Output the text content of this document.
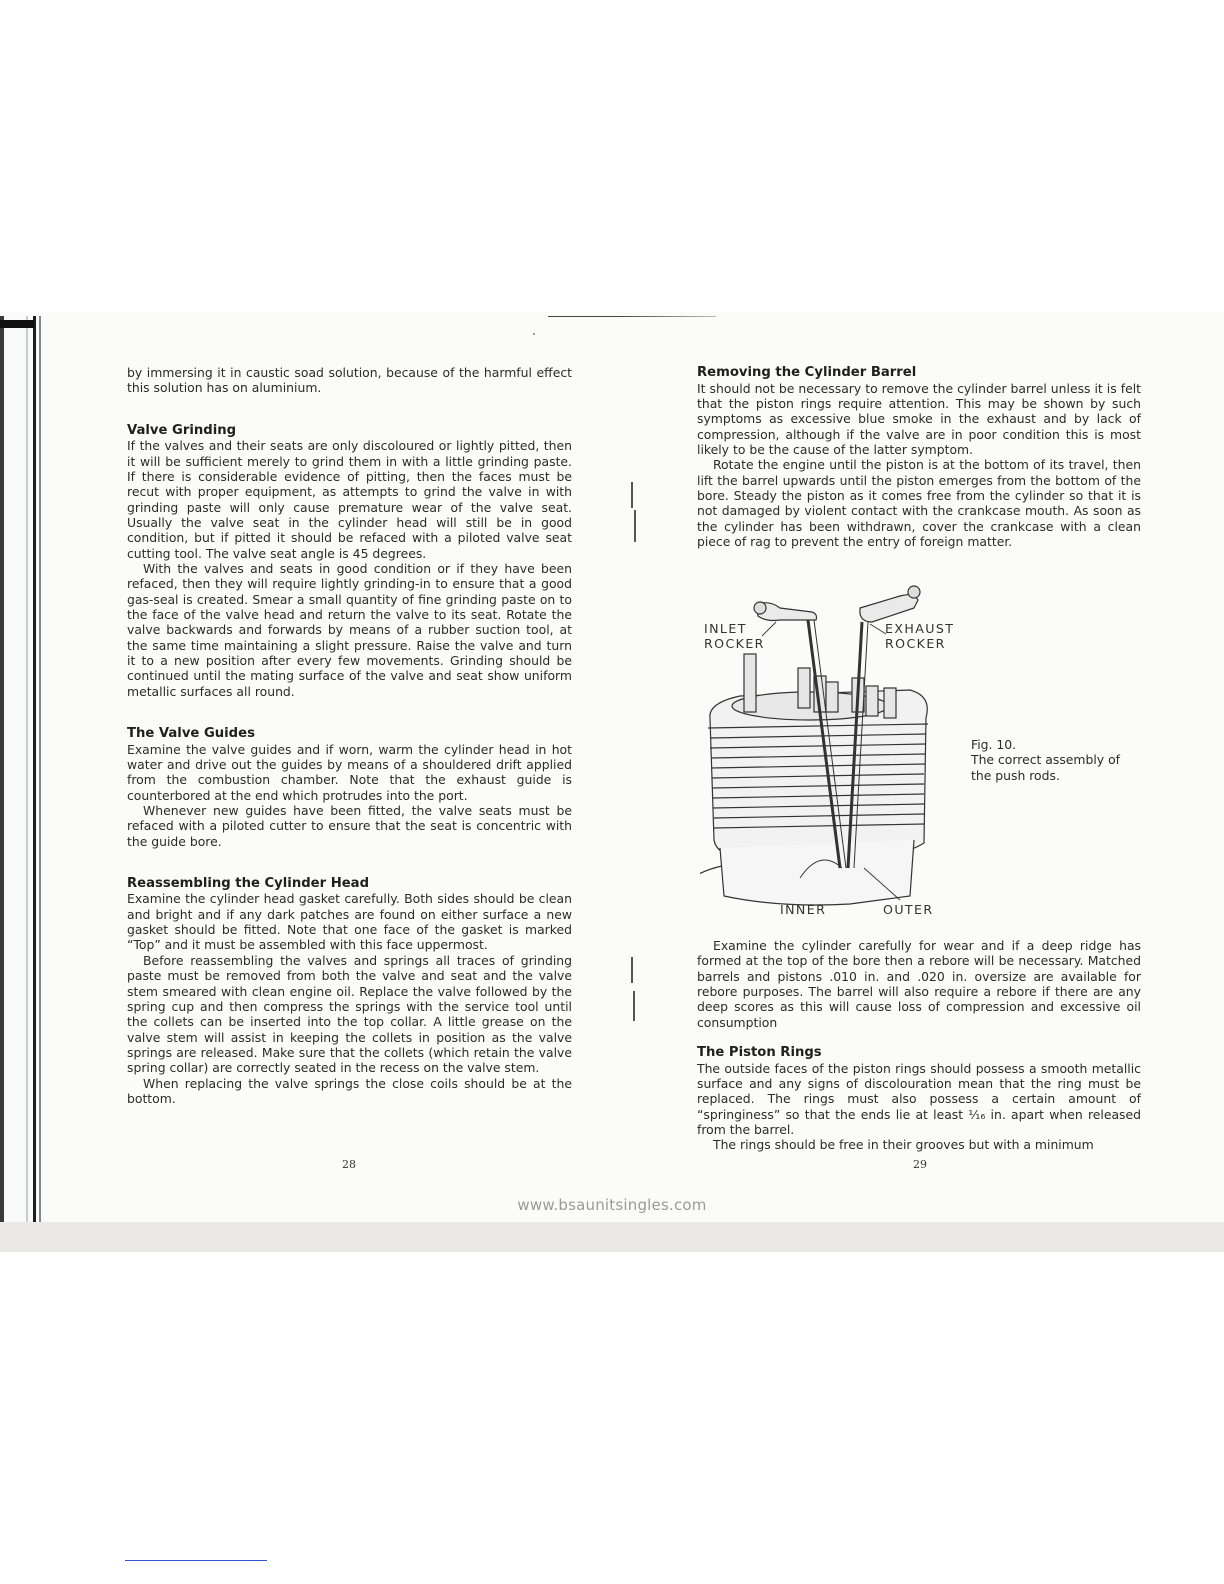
by immersing it in caustic soad solution, because of the harmful effect this solution has on aluminium.

Valve Grinding

If the valves and their seats are only discoloured or lightly pitted, then it will be sufficient merely to grind them in with a little grinding paste. If there is considerable evidence of pitting, then the faces must be recut with proper equipment, as attempts to grind the valve in with grinding paste will only cause premature wear of the valve seat. Usually the valve seat in the cylinder head will still be in good condition, but if pitted it should be refaced with a piloted valve seat cutting tool. The valve seat angle is 45 degrees.

With the valves and seats in good condition or if they have been refaced, then they will require lightly grinding-in to ensure that a good gas-seal is created. Smear a small quantity of fine grinding paste on to the face of the valve head and return the valve to its seat. Rotate the valve backwards and forwards by means of a rubber suction tool, at the same time maintaining a slight pressure. Raise the valve and turn it to a new position after every few movements. Grinding should be continued until the mating surface of the valve and seat show uniform metallic surfaces all round.

The Valve Guides

Examine the valve guides and if worn, warm the cylinder head in hot water and drive out the guides by means of a shouldered drift applied from the combustion chamber. Note that the exhaust guide is counterbored at the end which protrudes into the port.

Whenever new guides have been fitted, the valve seats must be refaced with a piloted cutter to ensure that the seat is concentric with the guide bore.

Reassembling the Cylinder Head

Examine the cylinder head gasket carefully. Both sides should be clean and bright and if any dark patches are found on either surface a new gasket should be fitted. Note that one face of the gasket is marked “Top” and it must be assembled with this face uppermost.

Before reassembling the valves and springs all traces of grinding paste must be removed from both the valve and seat and the valve stem smeared with clean engine oil. Replace the valve followed by the spring cup and then compress the springs with the service tool until the collets can be inserted into the top collar. A little grease on the valve stem will assist in keeping the collets in position as the valve springs are released. Make sure that the collets (which retain the valve spring collar) are correctly seated in the recess on the valve stem.

When replacing the valve springs the close coils should be at the bottom.

28
Removing the Cylinder Barrel

It should not be necessary to remove the cylinder barrel unless it is felt that the piston rings require attention. This may be shown by such symptoms as excessive blue smoke in the exhaust and by lack of compression, although if the valve are in poor condition this is most likely to be the cause of the latter symptom.

Rotate the engine until the piston is at the bottom of its travel, then lift the barrel upwards until the piston emerges from the bottom of the bore. Steady the piston as it comes free from the cylinder so that it is not damaged by violent contact with the crankcase mouth. As soon as the cylinder has been withdrawn, cover the crankcase with a clean piece of rag to prevent the entry of foreign matter.

INLET
ROCKER
EXHAUST
ROCKER
INNER	OUTER
Fig. 10.
The correct assembly of the push rods.

Examine the cylinder carefully for wear and if a deep ridge has formed at the top of the bore then a rebore will be necessary. Matched barrels and pistons .010 in. and .020 in. oversize are available for rebore purposes. The barrel will also require a rebore if there are any deep scores as this will cause loss of compression and excessive oil consumption

The Piston Rings

The outside faces of the piston rings should possess a smooth metallic surface and any signs of discolouration mean that the ring must be replaced. The rings must also possess a certain amount of “springiness” so that the ends lie at least ¹⁄₁₆ in. apart when released from the barrel.

The rings should be free in their grooves but with a minimum

29
www.bsaunitsingles.com
